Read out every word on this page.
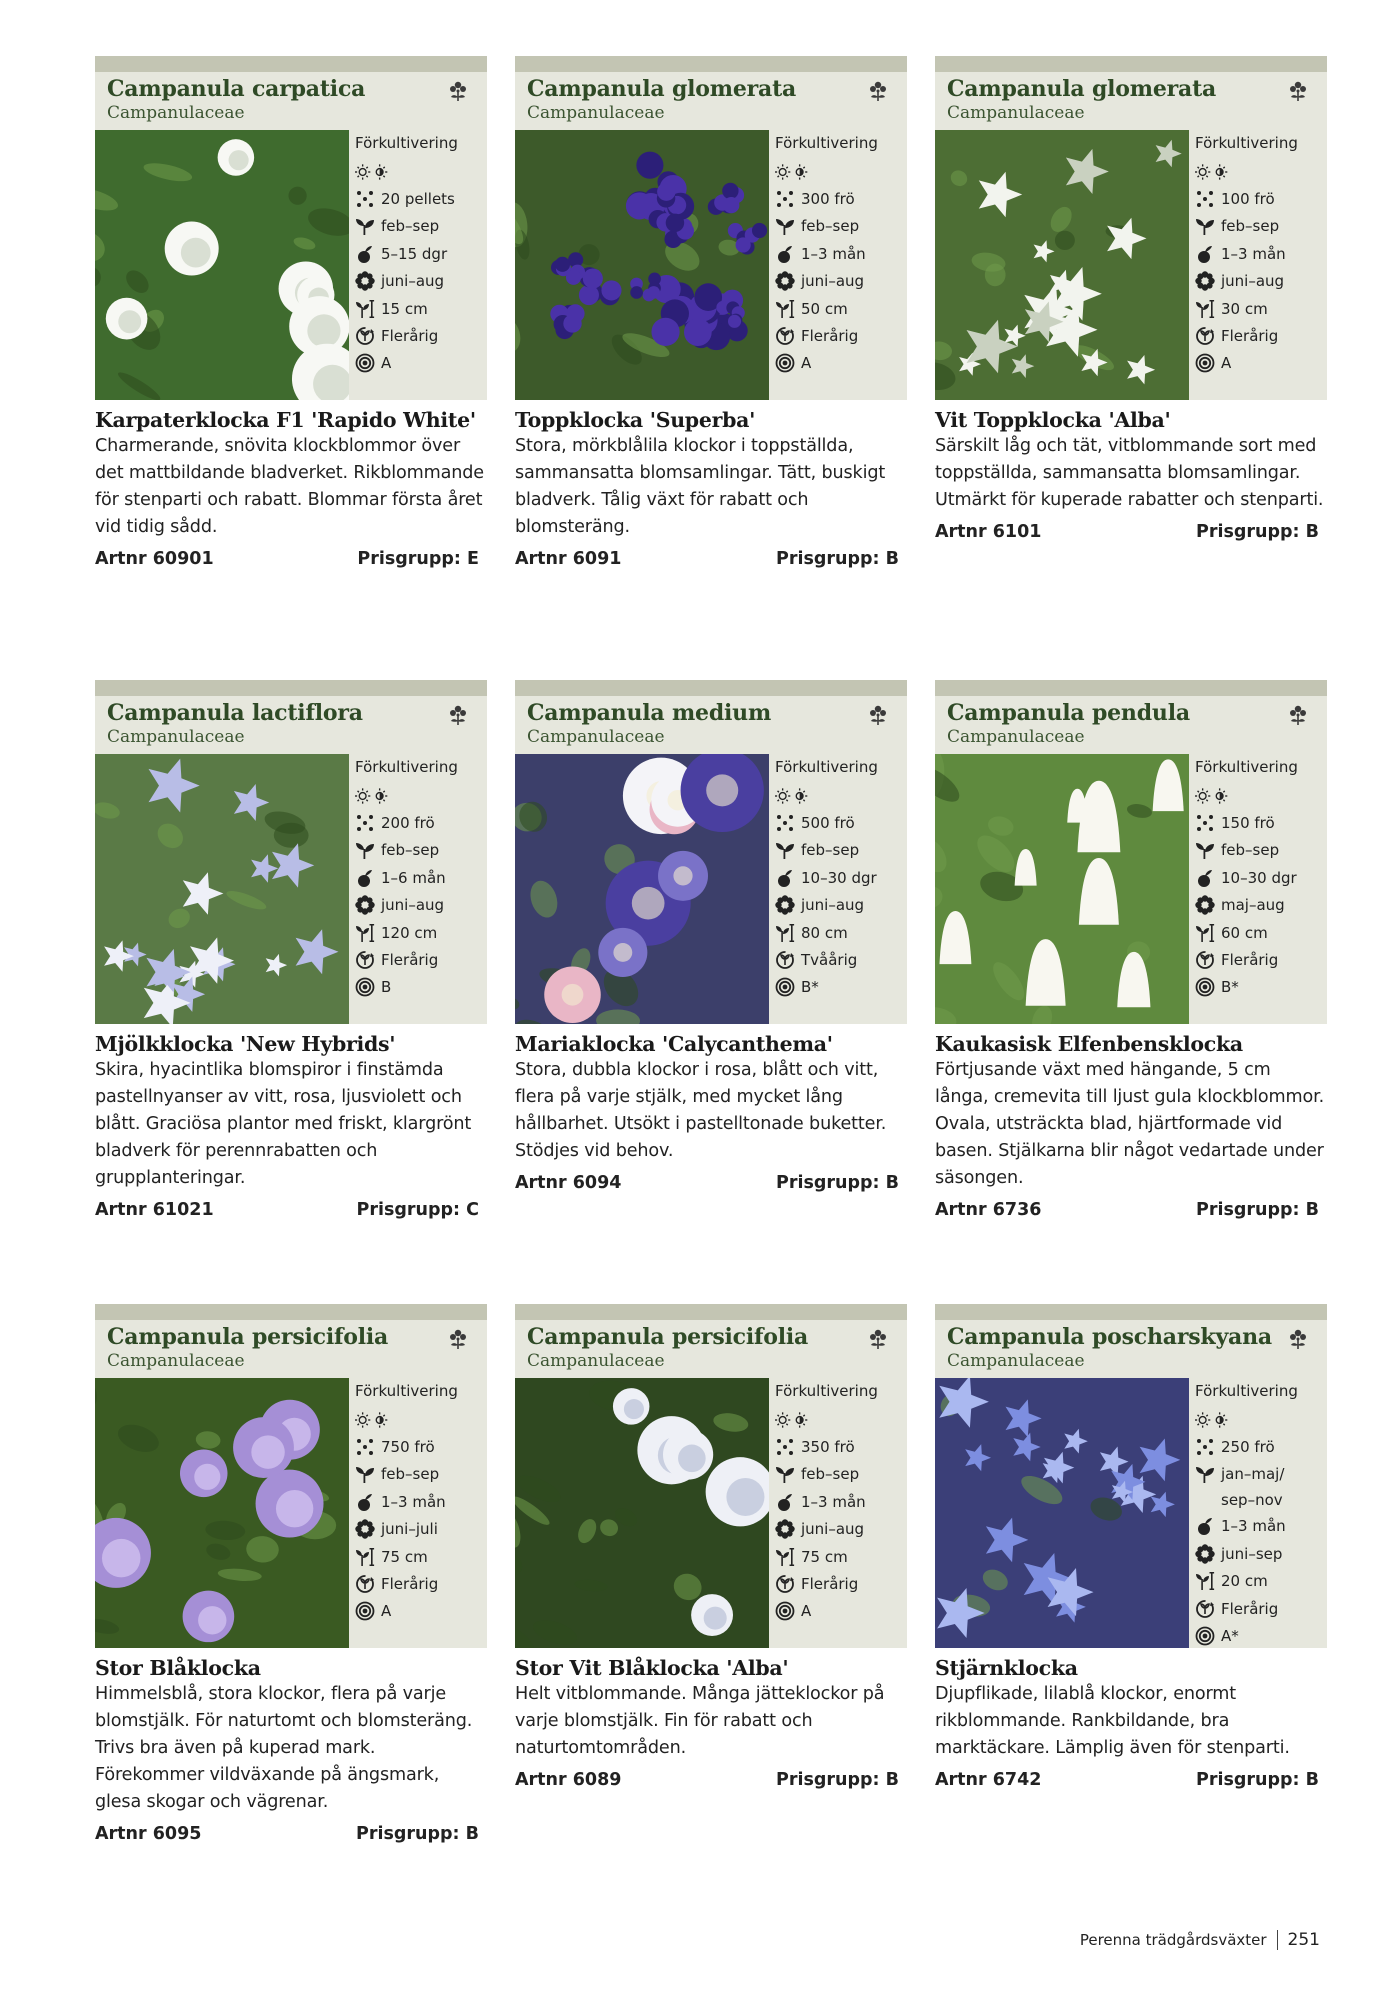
Campanula carpatica
Campanulaceae
Förkultivering
20 pellets
feb–sep
5–15 dgr
juni–aug
15 cm
Flerårig
A
Karpaterklocka F1 'Rapido White'
Charmerande, snövita klockblommor över det mattbildande bladverket. Rikblommande för stenparti och rabatt. Blommar första året vid tidig sådd.
Artnr 60901	Prisgrupp: E
Campanula glomerata
Campanulaceae
Förkultivering
300 frö
feb–sep
1–3 mån
juni–aug
50 cm
Flerårig
A
Toppklocka 'Superba'
Stora, mörkblålila klockor i toppställda, sammansatta blomsamlingar. Tätt, buskigt bladverk. Tålig växt för rabatt och blomsteräng.
Artnr 6091	Prisgrupp: B
Campanula glomerata
Campanulaceae
Förkultivering
100 frö
feb–sep
1–3 mån
juni–aug
30 cm
Flerårig
A
Vit Toppklocka 'Alba'
Särskilt låg och tät, vitblommande sort med toppställda, sammansatta blomsamlingar. Utmärkt för kuperade rabatter och stenparti.
Artnr 6101	Prisgrupp: B
Campanula lactiflora
Campanulaceae
Förkultivering
200 frö
feb–sep
1–6 mån
juni–aug
120 cm
Flerårig
B
Mjölkklocka 'New Hybrids'
Skira, hyacintlika blomspiror i finstämda pastellnyanser av vitt, rosa, ljusviolett och blått. Graciösa plantor med friskt, klargrönt bladverk för perennrabatten och grupplanteringar.
Artnr 61021	Prisgrupp: C
Campanula medium
Campanulaceae
Förkultivering
500 frö
feb–sep
10–30 dgr
juni–aug
80 cm
Tvåårig
B*
Mariaklocka 'Calycanthema'
Stora, dubbla klockor i rosa, blått och vitt, flera på varje stjälk, med mycket lång hållbarhet. Utsökt i pastelltonade buketter. Stödjes vid behov.
Artnr 6094	Prisgrupp: B
Campanula pendula
Campanulaceae
Förkultivering
150 frö
feb–sep
10–30 dgr
maj–aug
60 cm
Flerårig
B*
Kaukasisk Elfenbensklocka
Förtjusande växt med hängande, 5 cm långa, cremevita till ljust gula klockblommor. Ovala, utsträckta blad, hjärtformade vid basen. Stjälkarna blir något vedartade under säsongen.
Artnr 6736	Prisgrupp: B
Campanula persicifolia
Campanulaceae
Förkultivering
750 frö
feb–sep
1–3 mån
juni–juli
75 cm
Flerårig
A
Stor Blåklocka
Himmelsblå, stora klockor, flera på varje blomstjälk. För naturtomt och blomsteräng. Trivs bra även på kuperad mark. Förekommer vildväxande på ängsmark, glesa skogar och vägrenar.
Artnr 6095	Prisgrupp: B
Campanula persicifolia
Campanulaceae
Förkultivering
350 frö
feb–sep
1–3 mån
juni–aug
75 cm
Flerårig
A
Stor Vit Blåklocka 'Alba'
Helt vitblommande. Många jätteklockor på varje blomstjälk. Fin för rabatt och naturtomtområden.
Artnr 6089	Prisgrupp: B
Campanula poscharskyana
Campanulaceae
Förkultivering
250 frö
jan–maj/
sep–nov
1–3 mån
juni–sep
20 cm
Flerårig
A*
Stjärnklocka
Djupflikade, lilablå klockor, enormt rikblommande. Rankbildande, bra marktäckare. Lämplig även för stenparti.
Artnr 6742	Prisgrupp: B
Perenna trädgårdsväxter 251
